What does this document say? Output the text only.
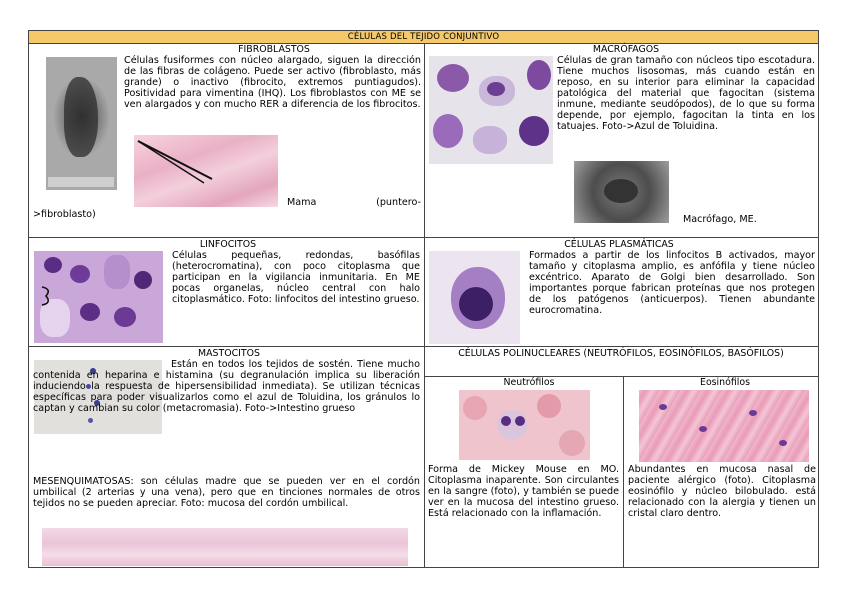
CÉLULAS DEL TEJIDO CONJUNTIVO
FIBROBLASTOS
Células fusiformes con núcleo alargado, siguen la dirección de las fibras de colágeno. Puede ser activo (fibroblasto, más grande) o inactivo (fibrocito, extremos puntiagudos). Positividad para vimentina (IHQ). Los fibroblastos con ME se ven alargados y con mucho RER a diferencia de los fibrocitos.
Mama (puntero-
>fibroblasto)
MACRÓFAGOS
Células de gran tamaño con núcleos tipo escotadura. Tiene muchos lisosomas, más cuando están en reposo, en su interior para eliminar la capacidad patológica del material que fagocitan (sistema inmune, mediante seudópodos), de lo que su forma depende, por ejemplo, fagocitan la tinta en los tatuajes. Foto->Azul de Toluidina.
Macrófago, ME.
LINFOCITOS
Células pequeñas, redondas, basófilas (heterocromatina), con poco citoplasma que participan en la vigilancia inmunitaria. En ME pocas organelas, núcleo central con halo citoplasmático. Foto: linfocitos del intestino grueso.
CÉLULAS PLASMÁTICAS
Formados a partir de los linfocitos B activados, mayor tamaño y citoplasma amplio, es anfófila y tiene núcleo excéntrico. Aparato de Golgi bien desarrollado. Son importantes porque fabrican proteínas que nos protegen de los patógenos (anticuerpos). Tienen abundante eurocromatina.
MASTOCITOS
Están en todos los tejidos de sostén. Tiene mucho contenida en heparina e histamina (su degranulación implica su liberación induciendo la respuesta de hipersensibilidad inmediata). Se utilizan técnicas específicas para poder visualizarlos como el azul de Toluidina, los gránulos lo captan y cambian su color (metacromasia). Foto->Intestino grueso
MESENQUIMATOSAS: son células madre que se pueden ver en el cordón umbilical (2 arterias y una vena), pero que en tinciones normales de otros tejidos no se pueden apreciar. Foto: mucosa del cordón umbilical.
CÉLULAS POLINUCLEARES (NEUTRÓFILOS, EOSINÓFILOS, BASÓFILOS)
Neutrófilos
Forma de Mickey Mouse en MO. Citoplasma inaparente. Son circulantes en la sangre (foto), y también se puede ver en la mucosa del intestino grueso. Está relacionado con la inflamación.
Eosinófilos
Abundantes en mucosa nasal de paciente alérgico (foto). Citoplasma eosinófilo y núcleo bilobulado. está relacionado con la alergia y tienen un cristal claro dentro.
